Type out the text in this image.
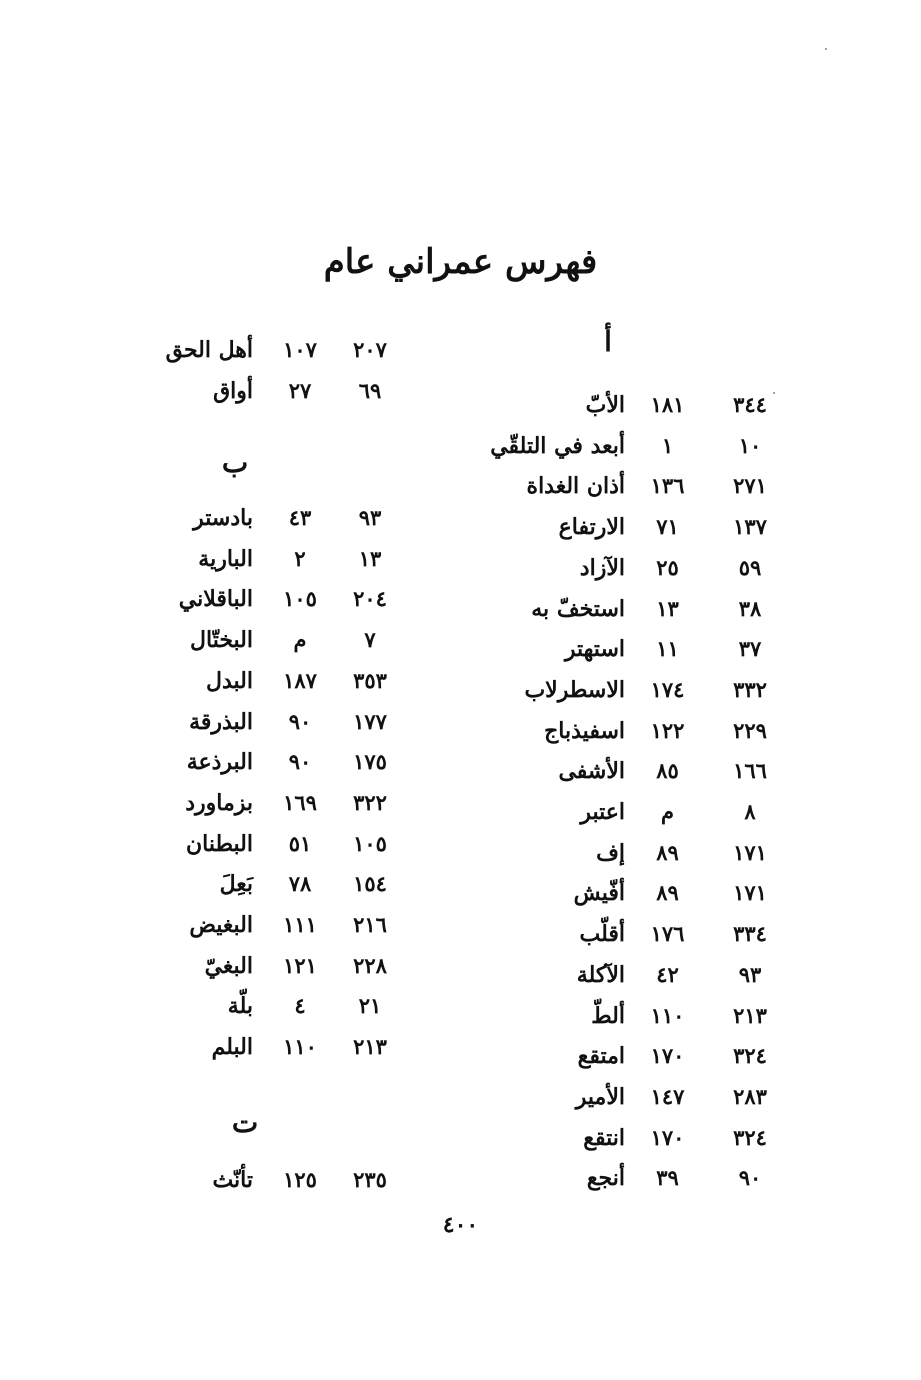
فهرس عمراني عام
أ
الأبّ	١٨١	٣٤٤
أبعد في التلقّي	١	١٠
أذان الغداة	١٣٦	٢٧١
الارتفاع	٧١	١٣٧
الآزاد	٢٥	٥٩
استخفّ به	١٣	٣٨
استهتر	١١	٣٧
الاسطرلاب	١٧٤	٣٣٢
اسفيذباج	١٢٢	٢٢٩
الأشفى	٨٥	١٦٦
اعتبر	م	٨
إف	٨٩	١٧١
أفّيش	٨٩	١٧١
أقلّب	١٧٦	٣٣٤
الآكلة	٤٢	٩٣
ألطّ	١١٠	٢١٣
امتقع	١٧٠	٣٢٤
الأمير	١٤٧	٢٨٣
انتقع	١٧٠	٣٢٤
أنجع	٣٩	٩٠
أهل الحق	١٠٧	٢٠٧
أواق	٢٧	٦٩
ب
بادستر	٤٣	٩٣
البارية	٢	١٣
الباقلاني	١٠٥	٢٠٤
البختّال	م	٧
البدل	١٨٧	٣٥٣
البذرقة	٩٠	١٧٧
البرذعة	٩٠	١٧٥
بزماورد	١٦٩	٣٢٢
البطنان	٥١	١٠٥
بَعِلَ	٧٨	١٥٤
البغيض	١١١	٢١٦
البغيّ	١٢١	٢٢٨
بلّة	٤	٢١
البلم	١١٠	٢١٣
ت
تأنّث	١٢٥	٢٣٥
٤٠٠
